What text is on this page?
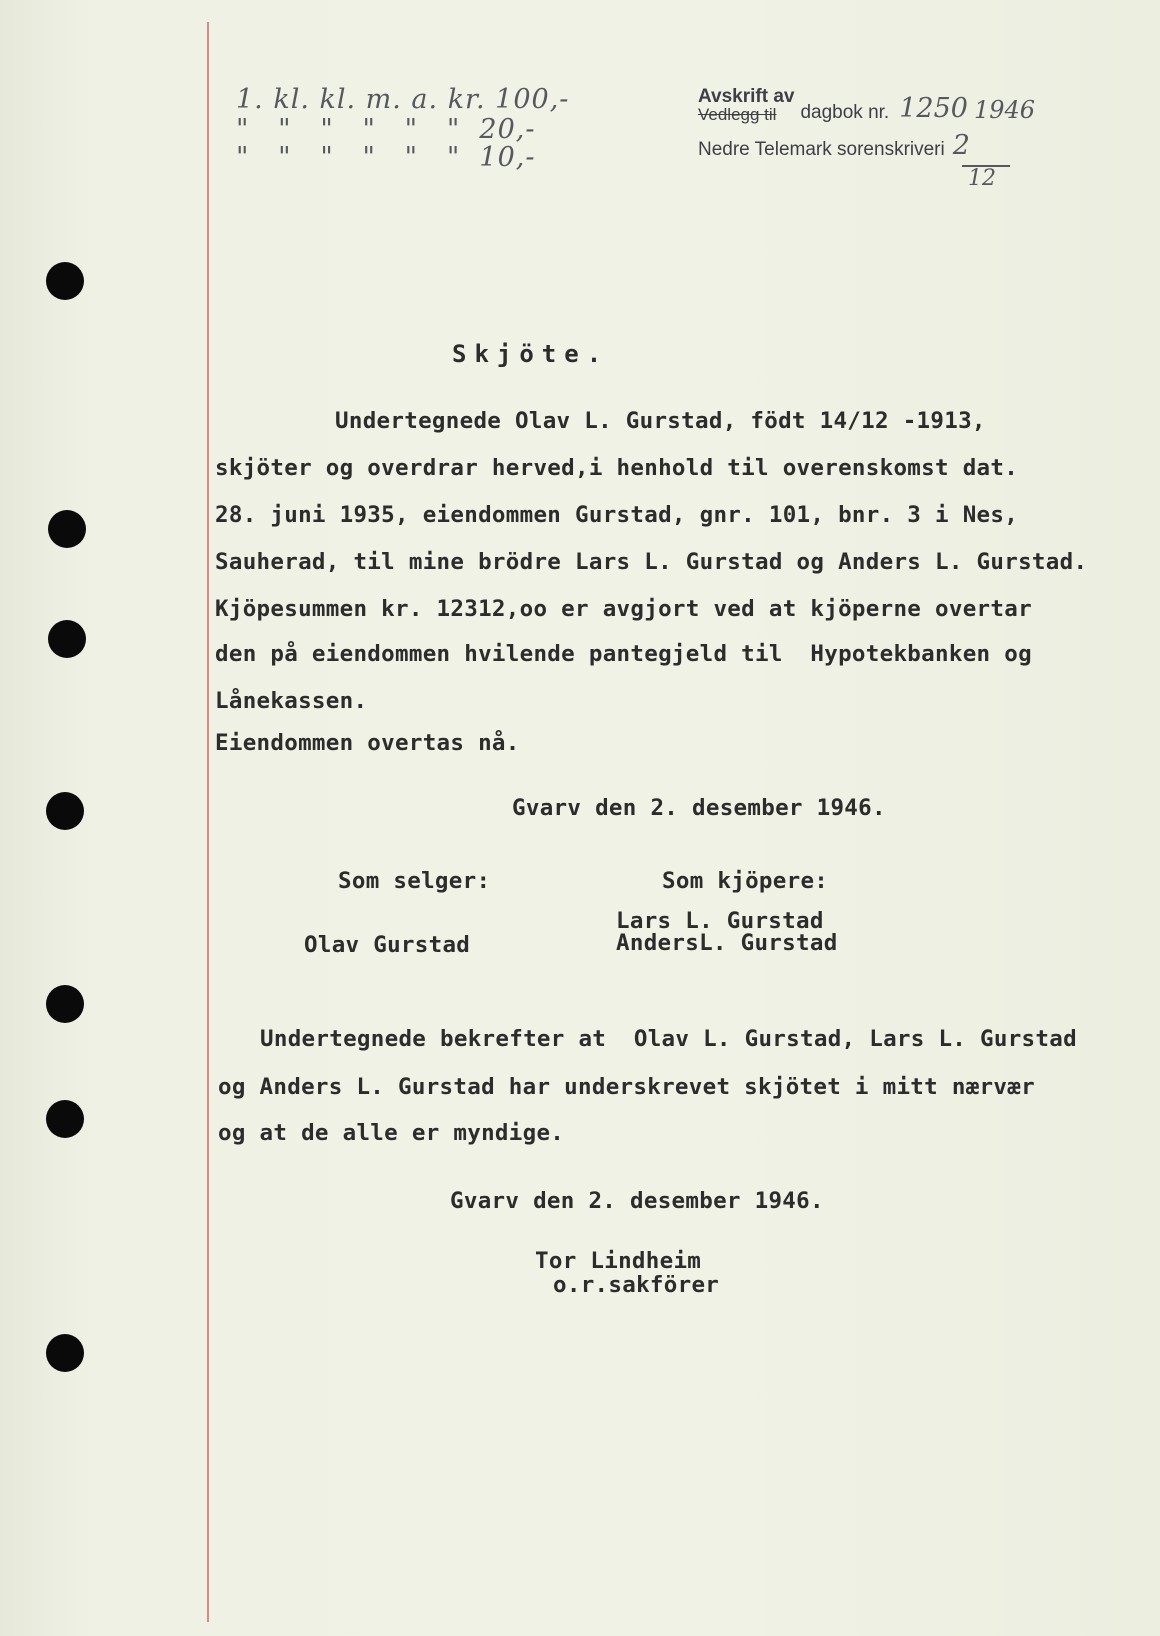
1. kl. kl. m. a. kr. 100,-
"   "   "   "   "   "  20,-
"   "   "   "   "   "  10,-
Avskrift av
Vedlegg til	dagbok nr. 1250 1946
Nedre Telemark sorenskriveri 2
12
Skjöte.
Undertegnede Olav L. Gurstad, födt 14/12 -1913,
skjöter og overdrar herved,i henhold til overenskomst dat.
28. juni 1935, eiendommen Gurstad, gnr. 101, bnr. 3 i Nes,
Sauherad, til mine brödre Lars L. Gurstad og Anders L. Gurstad.
Kjöpesummen kr. 12312,oo er avgjort ved at kjöperne overtar
den på eiendommen hvilende pantegjeld til  Hypotekbanken og
Lånekassen.
Eiendommen overtas nå.
Gvarv den 2. desember 1946.
Som selger:	Som kjöpere:
Lars L. Gurstad
Olav Gurstad	AndersL. Gurstad
Undertegnede bekrefter at  Olav L. Gurstad, Lars L. Gurstad
og Anders L. Gurstad har underskrevet skjötet i mitt nærvær
og at de alle er myndige.
Gvarv den 2. desember 1946.
Tor Lindheim
o.r.sakförer
